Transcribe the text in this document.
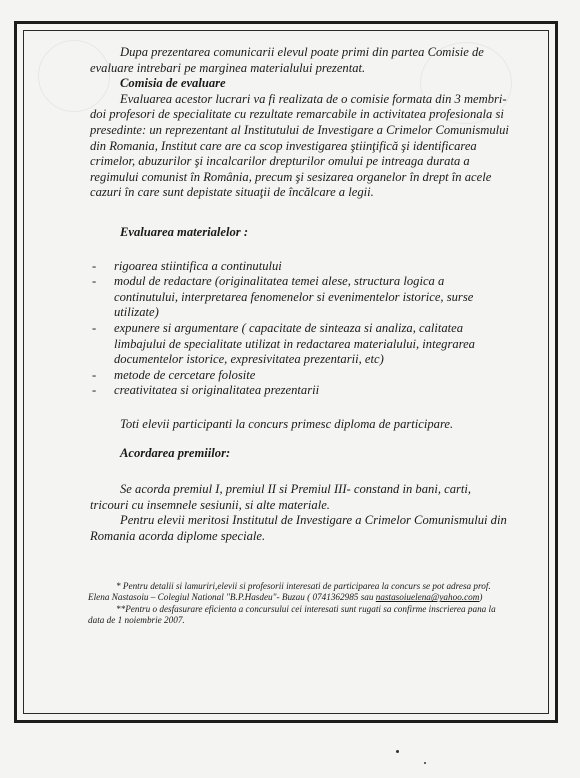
Dupa prezentarea comunicarii elevul poate primi din partea Comisie de evaluare intrebari pe marginea materialului prezentat.

Comisia de evaluare

Evaluarea acestor lucrari va fi realizata de o comisie formata din 3 membri- doi profesori de specialitate cu rezultate remarcabile in activitatea profesionala si presedinte: un reprezentant al Institutului de Investigare a Crimelor Comunismului din Romania, Institut care are ca scop investigarea ştiinţifică şi identificarea crimelor, abuzurilor şi incalcarilor drepturilor omului pe intreaga durata a regimului comunist în România, precum şi sesizarea organelor în drept în acele cazuri în care sunt depistate situaţii de încălcare a legii.

Evaluarea materialelor :

- rigoarea stiintifica a continutului
- modul de redactare (originalitatea temei alese, structura logica a continutului, interpretarea fenomenelor si evenimentelor istorice, surse utilizate)
- expunere si argumentare ( capacitate de sinteaza si analiza, calitatea limbajului de specialitate utilizat in redactarea materialului, integrarea documentelor istorice, expresivitatea prezentarii, etc)
- metode de cercetare folosite
- creativitatea si originalitatea prezentarii

Toti elevii participanti la concurs primesc diploma de participare.

Acordarea premiilor:

Se acorda premiul I, premiul II si Premiul III- constand in bani, carti, tricouri cu insemnele sesiunii, si alte materiale.

Pentru elevii meritosi Institutul de Investigare a Crimelor Comunismului din Romania acorda diplome speciale.

* Pentru detalii si lamuriri,elevii si profesorii interesati de participarea la concurs se pot adresa prof. Elena Nastasoiu – Colegiul National "B.P.Hasdeu"- Buzau ( 0741362985 sau nastasoiuelena@yahoo.com)

**Pentru o desfasurare eficienta a concursului cei interesati sunt rugati sa confirme inscrierea pana la data de 1 noiembrie 2007.
